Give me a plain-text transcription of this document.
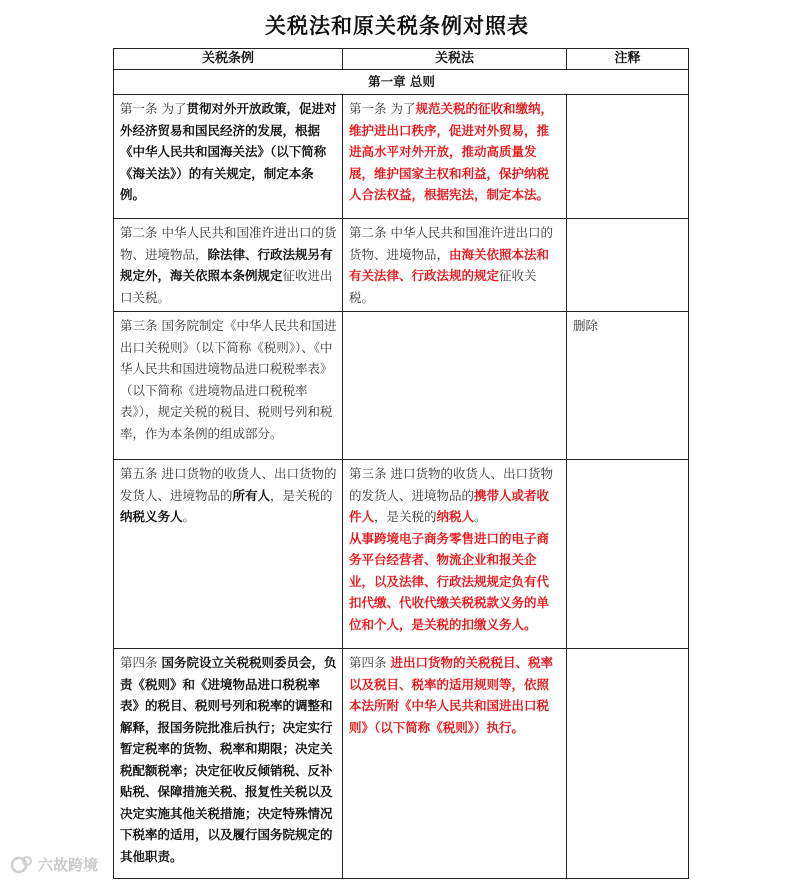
关税法和原关税条例对照表
关税条例	关税法	注释
第一章 总则		
第一条 为了贯彻对外开放政策，促进对外经济贸易和国民经济的发展，根据《中华人民共和国海关法》（以下简称《海关法》）的有关规定，制定本条例。	第一条 为了规范关税的征收和缴纳，维护进出口秩序，促进对外贸易，推进高水平对外开放，推动高质量发展，维护国家主权和利益，保护纳税人合法权益，根据宪法，制定本法。	
第二条 中华人民共和国准许进出口的货物、进境物品，除法律、行政法规另有规定外，海关依照本条例规定征收进出口关税。	第二条 中华人民共和国准许进出口的货物、进境物品，由海关依照本法和有关法律、行政法规的规定征收关税。	
第三条 国务院制定《中华人民共和国进出口关税则》（以下简称《税则》）、《中华人民共和国进境物品进口税税率表》（以下简称《进境物品进口税税率表》），规定关税的税目、税则号列和税率，作为本条例的组成部分。		删除
第五条 进口货物的收货人、出口货物的发货人、进境物品的所有人，是关税的纳税义务人。	第三条 进口货物的收货人、出口货物的发货人、进境物品的携带人或者收件人，是关税的纳税人。
从事跨境电子商务零售进口的电子商务平台经营者、物流企业和报关企业，以及法律、行政法规规定负有代扣代缴、代收代缴关税税款义务的单位和个人，是关税的扣缴义务人。	
第四条 国务院设立关税税则委员会，负责《税则》和《进境物品进口税税率表》的税目、税则号列和税率的调整和解释，报国务院批准后执行；决定实行暂定税率的货物、税率和期限；决定关税配额税率；决定征收反倾销税、反补贴税、保障措施关税、报复性关税以及决定实施其他关税措施；决定特殊情况下税率的适用，以及履行国务院规定的其他职责。	第四条 进出口货物的关税税目、税率以及税目、税率的适用规则等，依照本法所附《中华人民共和国进出口税则》（以下简称《税则》）执行。	
六故跨境
